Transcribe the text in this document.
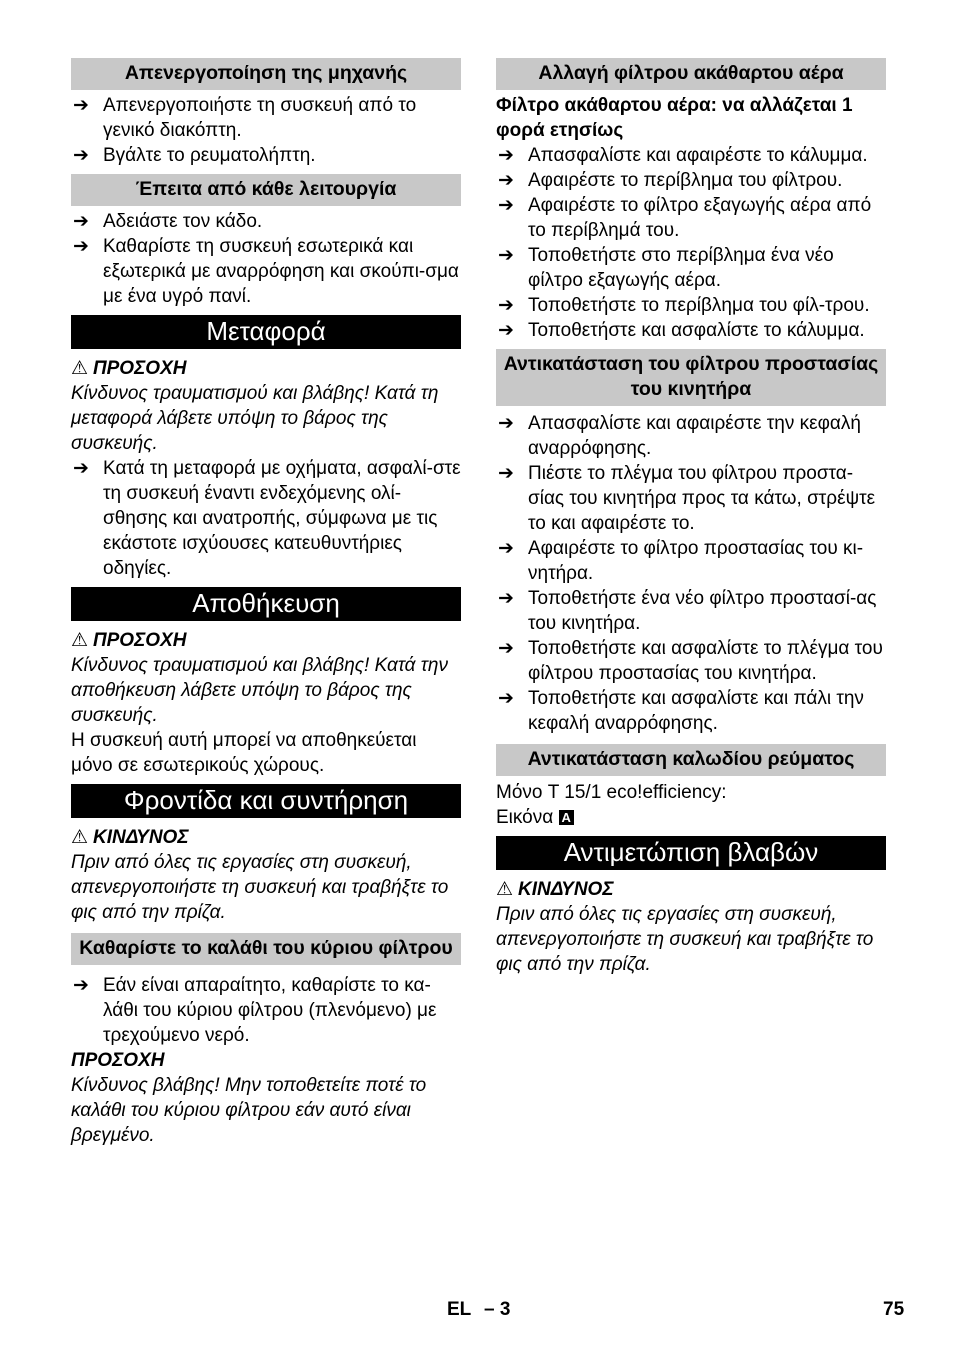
Απενεργοποίηση της μηχανής
➔ Απενεργοποιήστε τη συσκευή από το γενικό διακόπτη.
➔ Βγάλτε το ρευματολήπτη.
Έπειτα από κάθε λειτουργία
➔ Αδειάστε τον κάδο.
➔ Καθαρίστε τη συσκευή εσωτερικά και εξωτερικά με αναρρόφηση και σκούπι-σμα με ένα υγρό πανί.
Μεταφορά
⚠ ΠΡΟΣΟΧΗ
Κίνδυνος τραυματισμού και βλάβης! Κατά τη μεταφορά λάβετε υπόψη το βάρος της συσκευής.
➔ Κατά τη μεταφορά με οχήματα, ασφαλί-στε τη συσκευή έναντι ενδεχόμενης ολί-σθησης και ανατροπής, σύμφωνα με τις εκάστοτε ισχύουσες κατευθυντήριες οδηγίες.
Αποθήκευση
⚠ ΠΡΟΣΟΧΗ
Κίνδυνος τραυματισμού και βλάβης! Κατά την αποθήκευση λάβετε υπόψη το βάρος της συσκευής.
Η συσκευή αυτή μπορεί να αποθηκεύεται μόνο σε εσωτερικούς χώρους.
Φροντίδα και συντήρηση
⚠ ΚΙΝΔΥΝΟΣ
Πριν από όλες τις εργασίες στη συσκευή, απενεργοποιήστε τη συσκευή και τραβήξτε το φις από την πρίζα.
Καθαρίστε το καλάθι του κύριου φίλτρου
➔ Εάν είναι απαραίτητο, καθαρίστε το κα-λάθι του κύριου φίλτρου (πλενόμενο) με τρεχούμενο νερό.
ΠΡΟΣΟΧΗ
Κίνδυνος βλάβης! Μην τοποθετείτε ποτέ το καλάθι του κύριου φίλτρου εάν αυτό είναι βρεγμένο.
Αλλαγή φίλτρου ακάθαρτου αέρα
Φίλτρο ακάθαρτου αέρα: να αλλάζεται 1 φορά ετησίως
➔ Απασφαλίστε και αφαιρέστε το κάλυμμα.
➔ Αφαιρέστε το περίβλημα του φίλτρου.
➔ Αφαιρέστε το φίλτρο εξαγωγής αέρα από το περίβλημά του.
➔ Τοποθετήστε στο περίβλημα ένα νέο φίλτρο εξαγωγής αέρα.
➔ Τοποθετήστε το περίβλημα του φίλ-τρου.
➔ Τοποθετήστε και ασφαλίστε το κάλυμμα.
Αντικατάσταση του φίλτρου προστασίας του κινητήρα
➔ Απασφαλίστε και αφαιρέστε την κεφαλή αναρρόφησης.
➔ Πιέστε το πλέγμα του φίλτρου προστα-σίας του κινητήρα προς τα κάτω, στρέψτε το και αφαιρέστε το.
➔ Αφαιρέστε το φίλτρο προστασίας του κι-νητήρα.
➔ Τοποθετήστε ένα νέο φίλτρο προστασί-ας του κινητήρα.
➔ Τοποθετήστε και ασφαλίστε το πλέγμα του φίλτρου προστασίας του κινητήρα.
➔ Τοποθετήστε και ασφαλίστε και πάλι την κεφαλή αναρρόφησης.
Αντικατάσταση καλωδίου ρεύματος
Μόνο T 15/1 eco!efficiency:
Εικόνα A
Αντιμετώπιση βλαβών
⚠ ΚΙΝΔΥΝΟΣ
Πριν από όλες τις εργασίες στη συσκευή, απενεργοποιήστε τη συσκευή και τραβήξτε το φις από την πρίζα.
EL – 3	75
